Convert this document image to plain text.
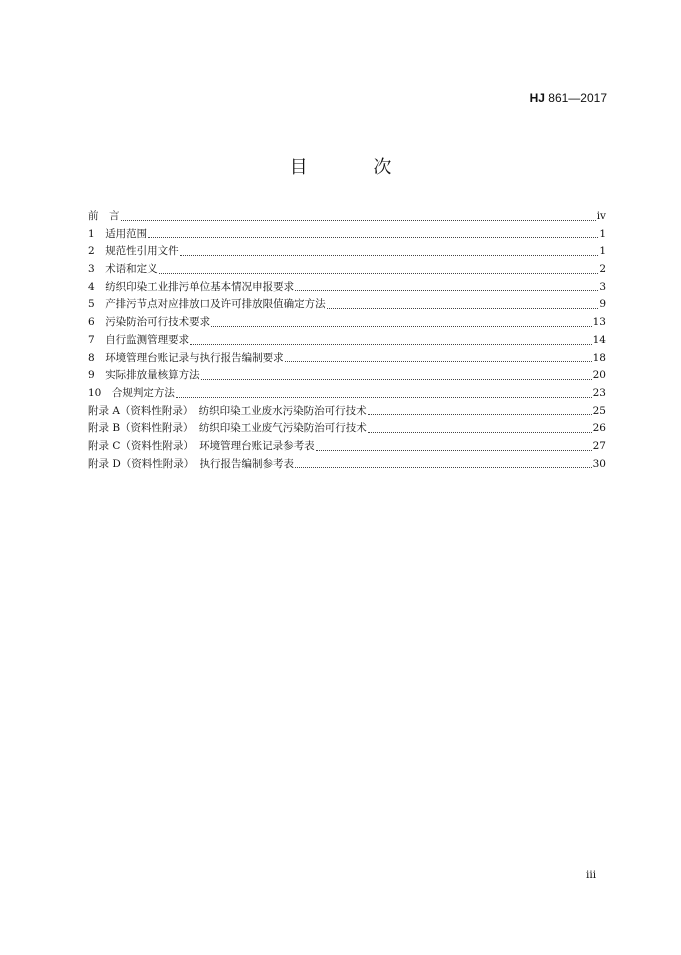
HJ 861—2017
目 次
前　言	iv
1　 适用范围	1
2　 规范性引用文件	1
3　 术语和定义	2
4　 纺织印染工业排污单位基本情况申报要求	3
5　 产排污节点对应排放口及许可排放限值确定方法	9
6　 污染防治可行技术要求	13
7　 自行监测管理要求	14
8　 环境管理台账记录与执行报告编制要求	18
9　 实际排放量核算方法	20
10　 合规判定方法	23
附录 A（资料性附录）　 纺织印染工业废水污染防治可行技术	25
附录 B（资料性附录）　 纺织印染工业废气污染防治可行技术	26
附录 C（资料性附录）　 环境管理台账记录参考表	27
附录 D（资料性附录）　 执行报告编制参考表	30
iii
